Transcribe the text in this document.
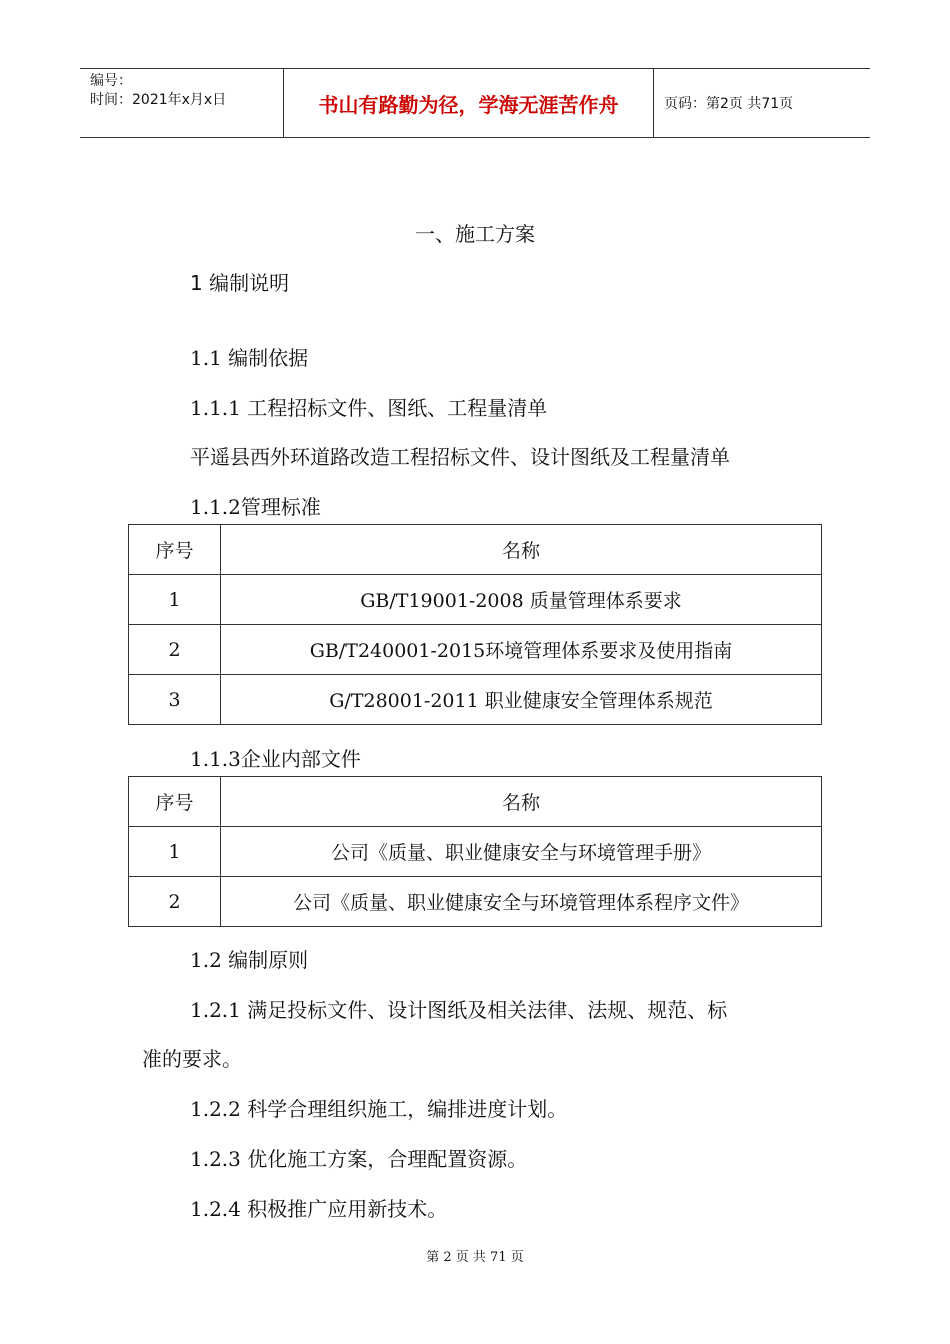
编号：
时间：2021年x月x日	书山有路勤为径，学海无涯苦作舟	页码：第2页 共71页
一、施工方案
1 编制说明
1.1 编制依据
1.1.1 工程招标文件、图纸、工程量清单
平遥县西外环道路改造工程招标文件、设计图纸及工程量清单
1.1.2管理标准
序号	名称
1	GB/T19001-2008 质量管理体系要求
2	GB/T240001-2015环境管理体系要求及使用指南
3	G/T28001-2011 职业健康安全管理体系规范
1.1.3企业内部文件
序号	名称
1	公司《质量、职业健康安全与环境管理手册》
2	公司《质量、职业健康安全与环境管理体系程序文件》
1.2 编制原则
1.2.1 满足投标文件、设计图纸及相关法律、法规、规范、标
准的要求。
1.2.2 科学合理组织施工，编排进度计划。
1.2.3 优化施工方案，合理配置资源。
1.2.4 积极推广应用新技术。
第 2 页 共 71 页
